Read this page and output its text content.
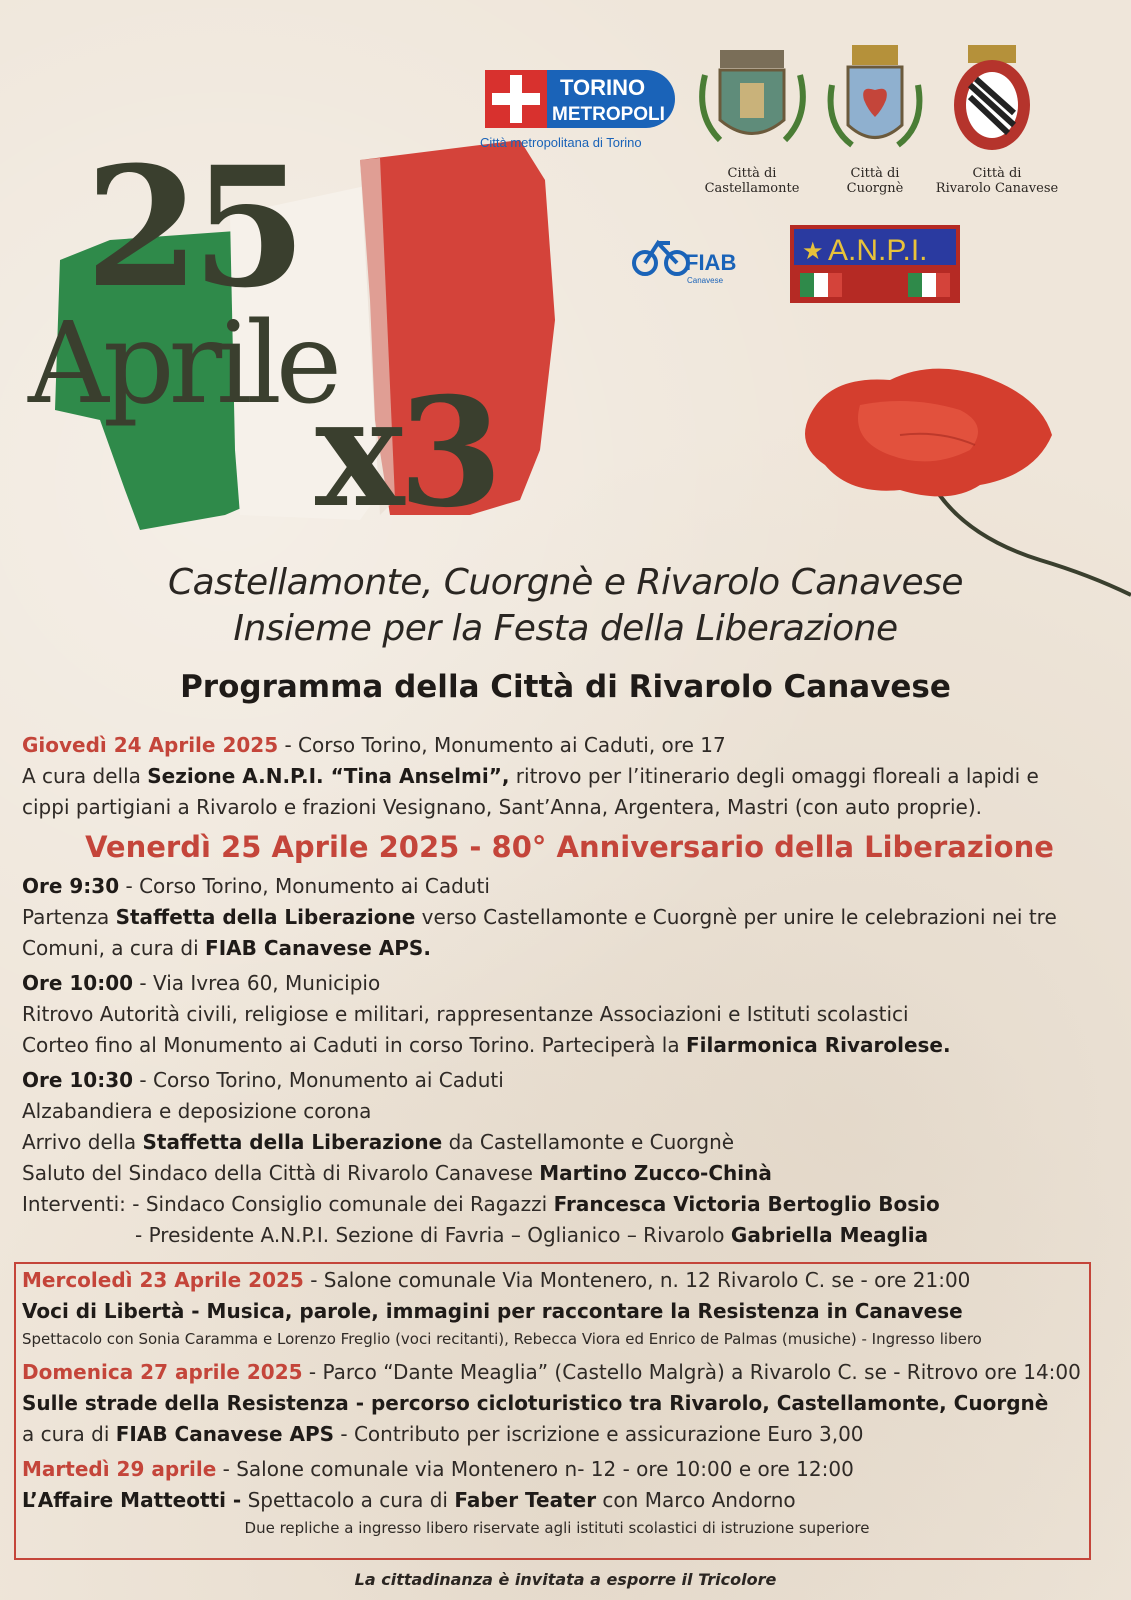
25
Aprile
x3
TORINO
METROPOLI
Città metropolitana di Torino
Città di
Castellamonte
Città di
Cuorgnè
Città di
Rivarolo Canavese
FIAB
Canavese
★ A.N.P.I.
Castellamonte, Cuorgnè e Rivarolo Canavese
Insieme per la Festa della Liberazione
Programma della Città di Rivarolo Canavese
Giovedì 24 Aprile 2025 - Corso Torino, Monumento ai Caduti, ore 17
A cura della Sezione A.N.P.I. “Tina Anselmi”, ritrovo per l’itinerario degli omaggi floreali a lapidi e
cippi partigiani a Rivarolo e frazioni Vesignano, Sant’Anna, Argentera, Mastri (con auto proprie).
Venerdì 25 Aprile 2025 - 80° Anniversario della Liberazione
Ore 9:30 - Corso Torino, Monumento ai Caduti
Partenza Staffetta della Liberazione verso Castellamonte e Cuorgnè per unire le celebrazioni nei tre
Comuni, a cura di FIAB Canavese APS.
Ore 10:00 - Via Ivrea 60, Municipio
Ritrovo Autorità civili, religiose e militari, rappresentanze Associazioni e Istituti scolastici
Corteo fino al Monumento ai Caduti in corso Torino. Parteciperà la Filarmonica Rivarolese.
Ore 10:30 - Corso Torino, Monumento ai Caduti
Alzabandiera e deposizione corona
Arrivo della Staffetta della Liberazione da Castellamonte e Cuorgnè
Saluto del Sindaco della Città di Rivarolo Canavese Martino Zucco-Chinà
Interventi: - Sindaco Consiglio comunale dei Ragazzi Francesca Victoria Bertoglio Bosio
- Presidente A.N.P.I. Sezione di Favria – Oglianico – Rivarolo Gabriella Meaglia
Mercoledì 23 Aprile 2025 - Salone comunale Via Montenero, n. 12 Rivarolo C. se - ore 21:00
Voci di Libertà - Musica, parole, immagini per raccontare la Resistenza in Canavese
Spettacolo con Sonia Caramma e Lorenzo Freglio (voci recitanti), Rebecca Viora ed Enrico de Palmas (musiche) - Ingresso libero
Domenica 27 aprile 2025 - Parco “Dante Meaglia” (Castello Malgrà) a Rivarolo C. se - Ritrovo ore 14:00
Sulle strade della Resistenza - percorso cicloturistico tra Rivarolo, Castellamonte, Cuorgnè
a cura di FIAB Canavese APS - Contributo per iscrizione e assicurazione Euro 3,00
Martedì 29 aprile - Salone comunale via Montenero n- 12 - ore 10:00 e ore 12:00
L’Affaire Matteotti - Spettacolo a cura di Faber Teater con Marco Andorno
Due repliche a ingresso libero riservate agli istituti scolastici di istruzione superiore
La cittadinanza è invitata a esporre il Tricolore
